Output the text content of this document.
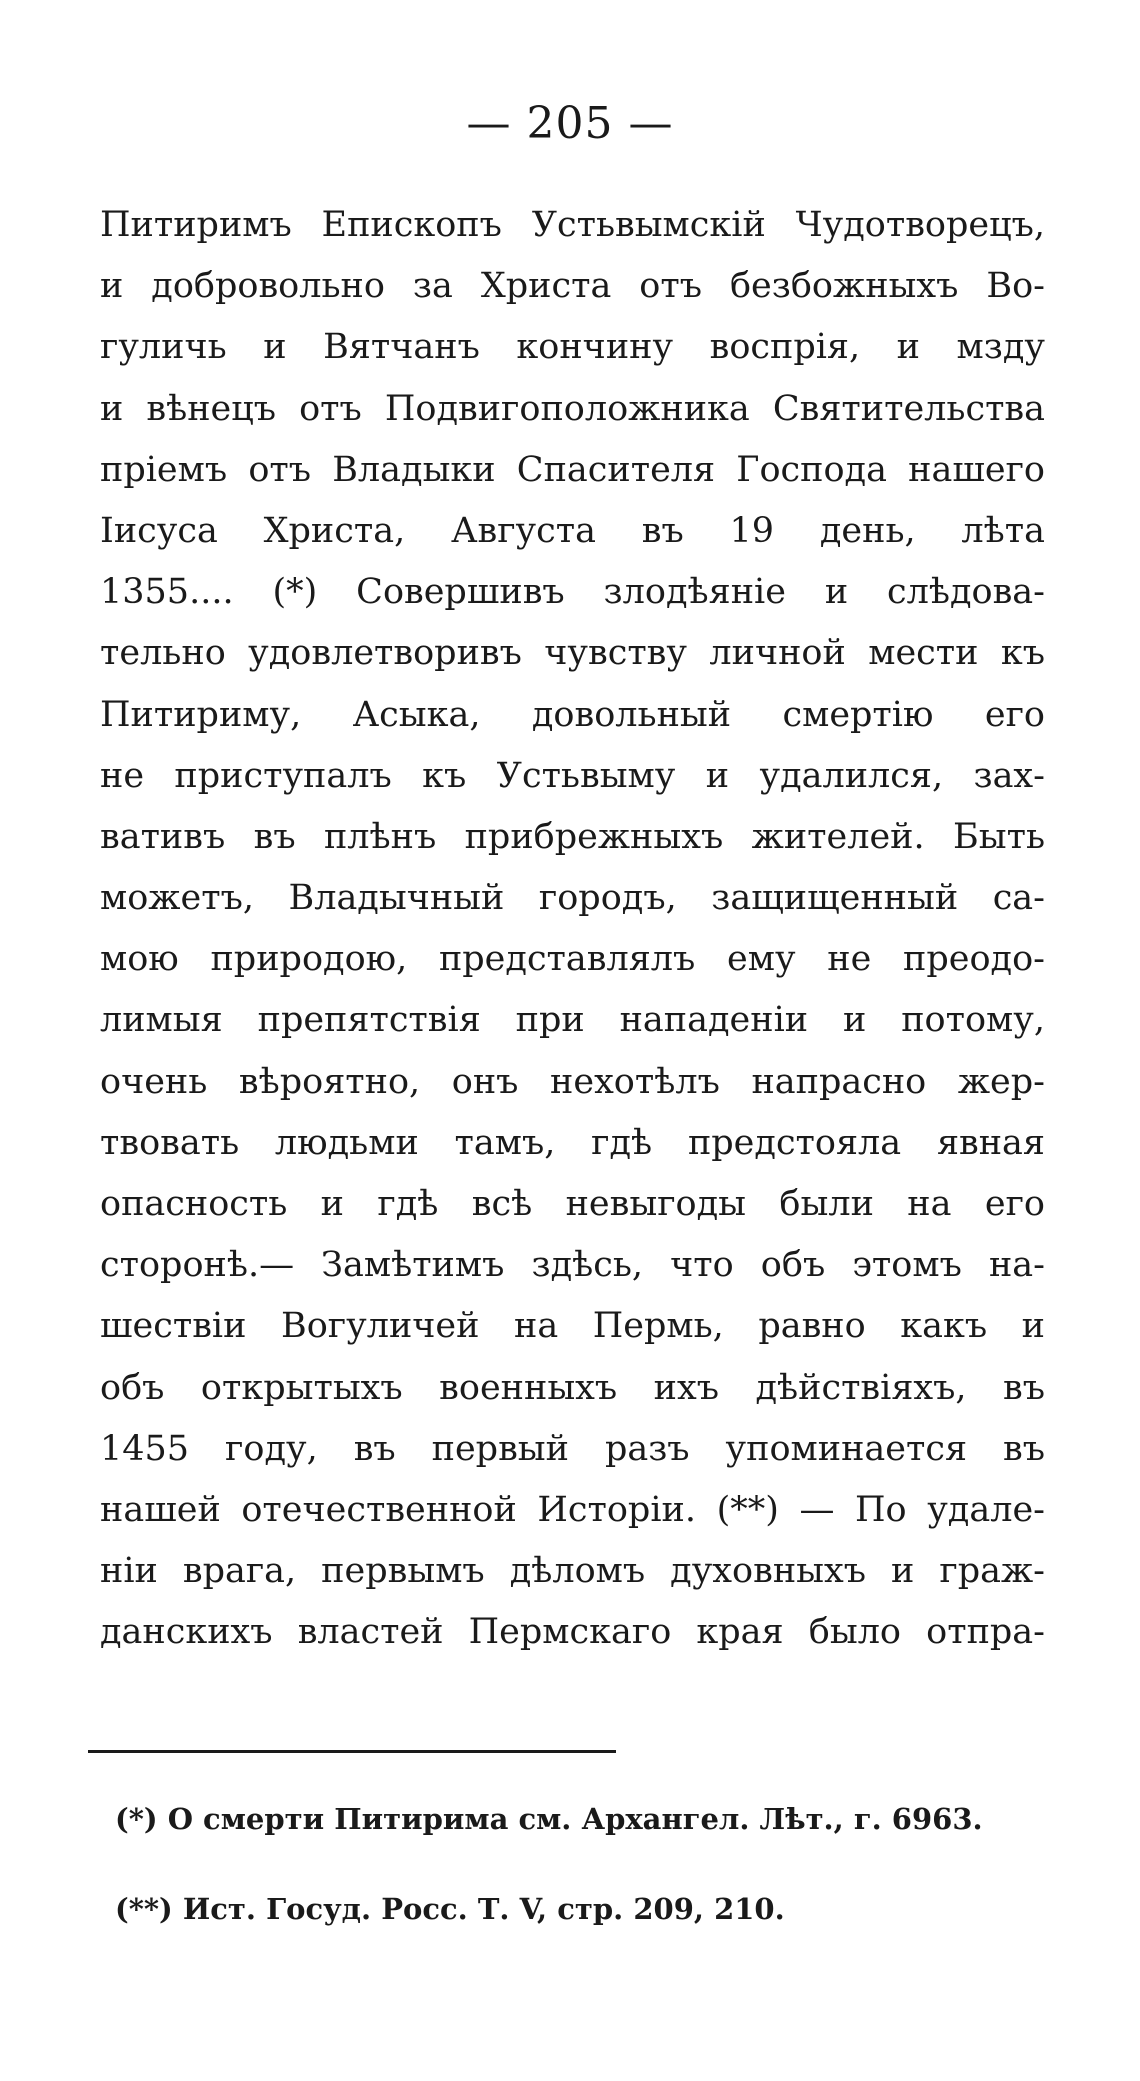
— 205 —
Питиримъ Епископъ Устьвымскій Чудотворецъ,
и добровольно за Христа отъ безбожныхъ Во-
гуличь и Вятчанъ кончину воспрія, и мзду
и вѣнецъ отъ Подвигоположника Святительства
пріемъ отъ Владыки Спасителя Господа нашего
Іисуса Христа, Августа въ 19 день, лѣта
1355.... (*) Совершивъ злодѣяніе и слѣдова-
тельно удовлетворивъ чувству личной мести къ
Питириму, Асыка, довольный смертію его
не приступалъ къ Устьвыму и удалился, зах-
вативъ въ плѣнъ прибрежныхъ жителей. Быть
можетъ, Владычный городъ, защищенный са-
мою природою, представлялъ ему не преодо-
лимыя препятствія при нападеніи и потому,
очень вѣроятно, онъ нехотѣлъ напрасно жер-
твовать людьми тамъ, гдѣ предстояла явная
опасность и гдѣ всѣ невыгоды были на его
сторонѣ.— Замѣтимъ здѣсь, что объ этомъ на-
шествіи Вогуличей на Пермь, равно какъ и
объ открытыхъ военныхъ ихъ дѣйствіяхъ, въ
1455 году, въ первый разъ упоминается въ
нашей отечественной Исторіи. (**) — По удале-
ніи врага, первымъ дѣломъ духовныхъ и граж-
данскихъ властей Пермскаго края было отпра-
(*) О смерти Питирима см. Архангел. Лѣт., г. 6963.
(**) Ист. Госуд. Росс. Т. V, стр. 209, 210.
